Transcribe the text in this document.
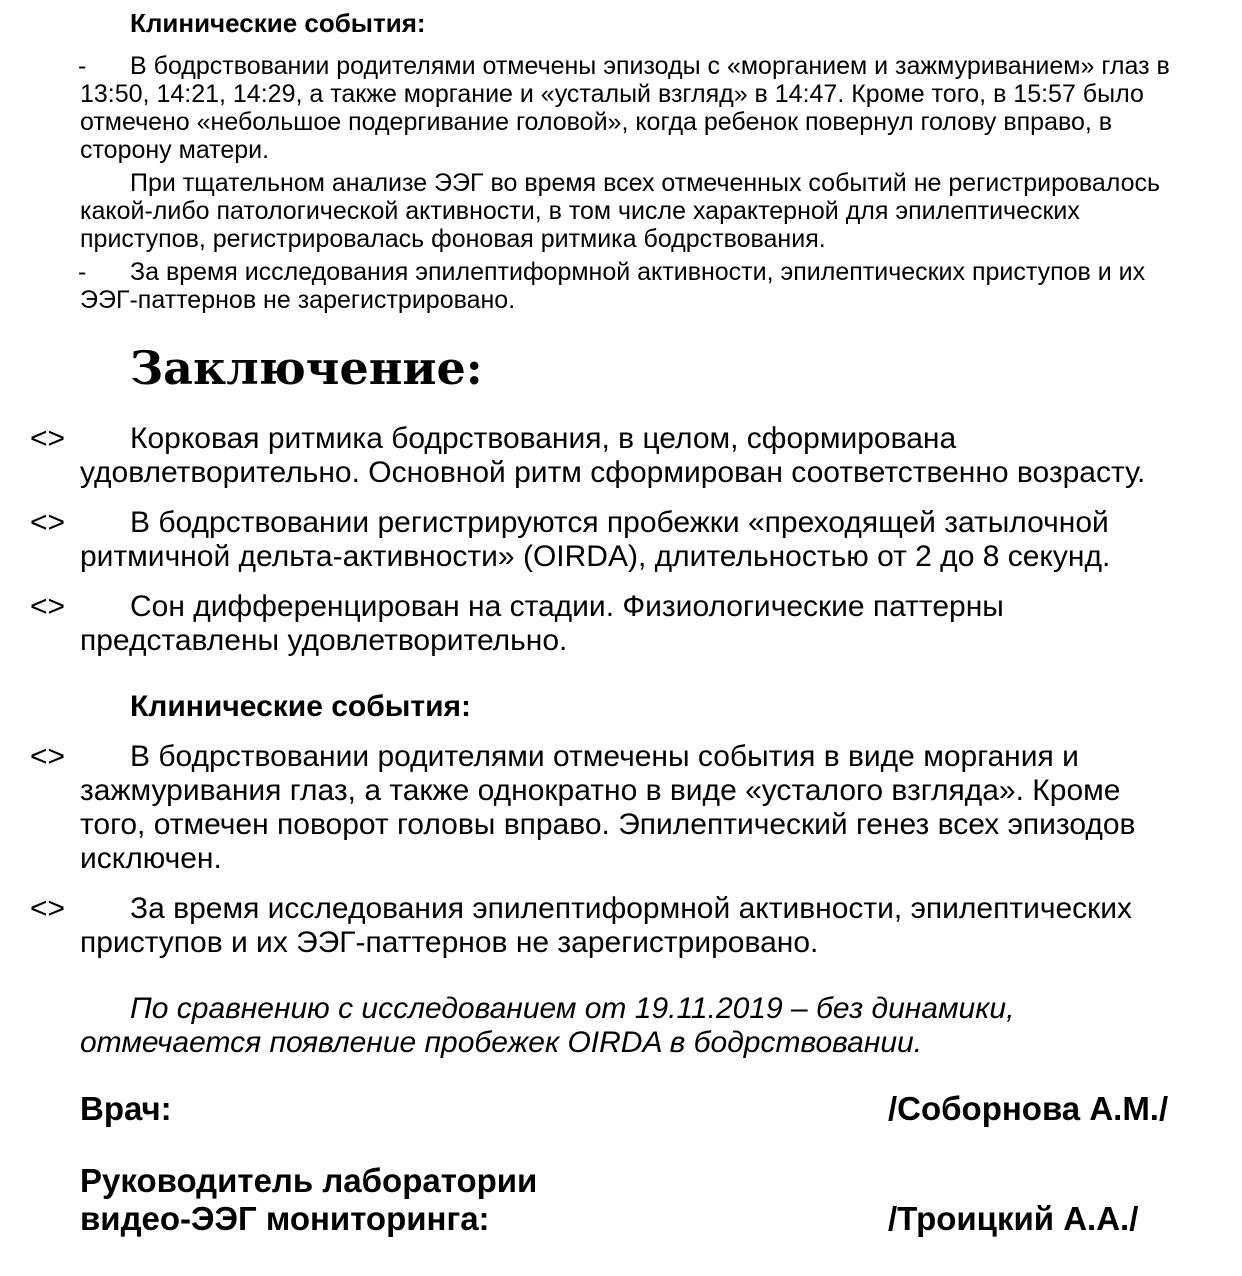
Клинические события:
- В бодрствовании родителями отмечены эпизоды с «морганием и зажмуриванием» глаз в 13:50, 14:21, 14:29, а также моргание и «усталый взгляд» в 14:47. Кроме того, в 15:57 было отмечено «небольшое подергивание головой», когда ребенок повернул голову вправо, в сторону матери.
При тщательном анализе ЭЭГ во время всех отмеченных событий не регистрировалось какой-либо патологической активности, в том числе характерной для эпилептических приступов, регистрировалась фоновая ритмика бодрствования.
- За время исследования эпилептиформной активности, эпилептических приступов и их ЭЭГ-паттернов не зарегистрировано.
Заключение:
<> Корковая ритмика бодрствования, в целом, сформирована удовлетворительно. Основной ритм сформирован соответственно возрасту.
<> В бодрствовании регистрируются пробежки «преходящей затылочной ритмичной дельта-активности» (OIRDA), длительностью от 2 до 8 секунд.
<> Сон дифференцирован на стадии. Физиологические паттерны представлены удовлетворительно.
Клинические события:
<> В бодрствовании родителями отмечены события в виде моргания и зажмуривания глаз, а также однократно в виде «усталого взгляда». Кроме того, отмечен поворот головы вправо. Эпилептический генез всех эпизодов исключен.
<> За время исследования эпилептиформной активности, эпилептических приступов и их ЭЭГ-паттернов не зарегистрировано.
По сравнению с исследованием от 19.11.2019 – без динамики, отмечается появление пробежек OIRDA в бодрствовании.
Врач:	/Соборнова А.М./
Руководитель лаборатории видео-ЭЭГ мониторинга:	/Троицкий А.А./
